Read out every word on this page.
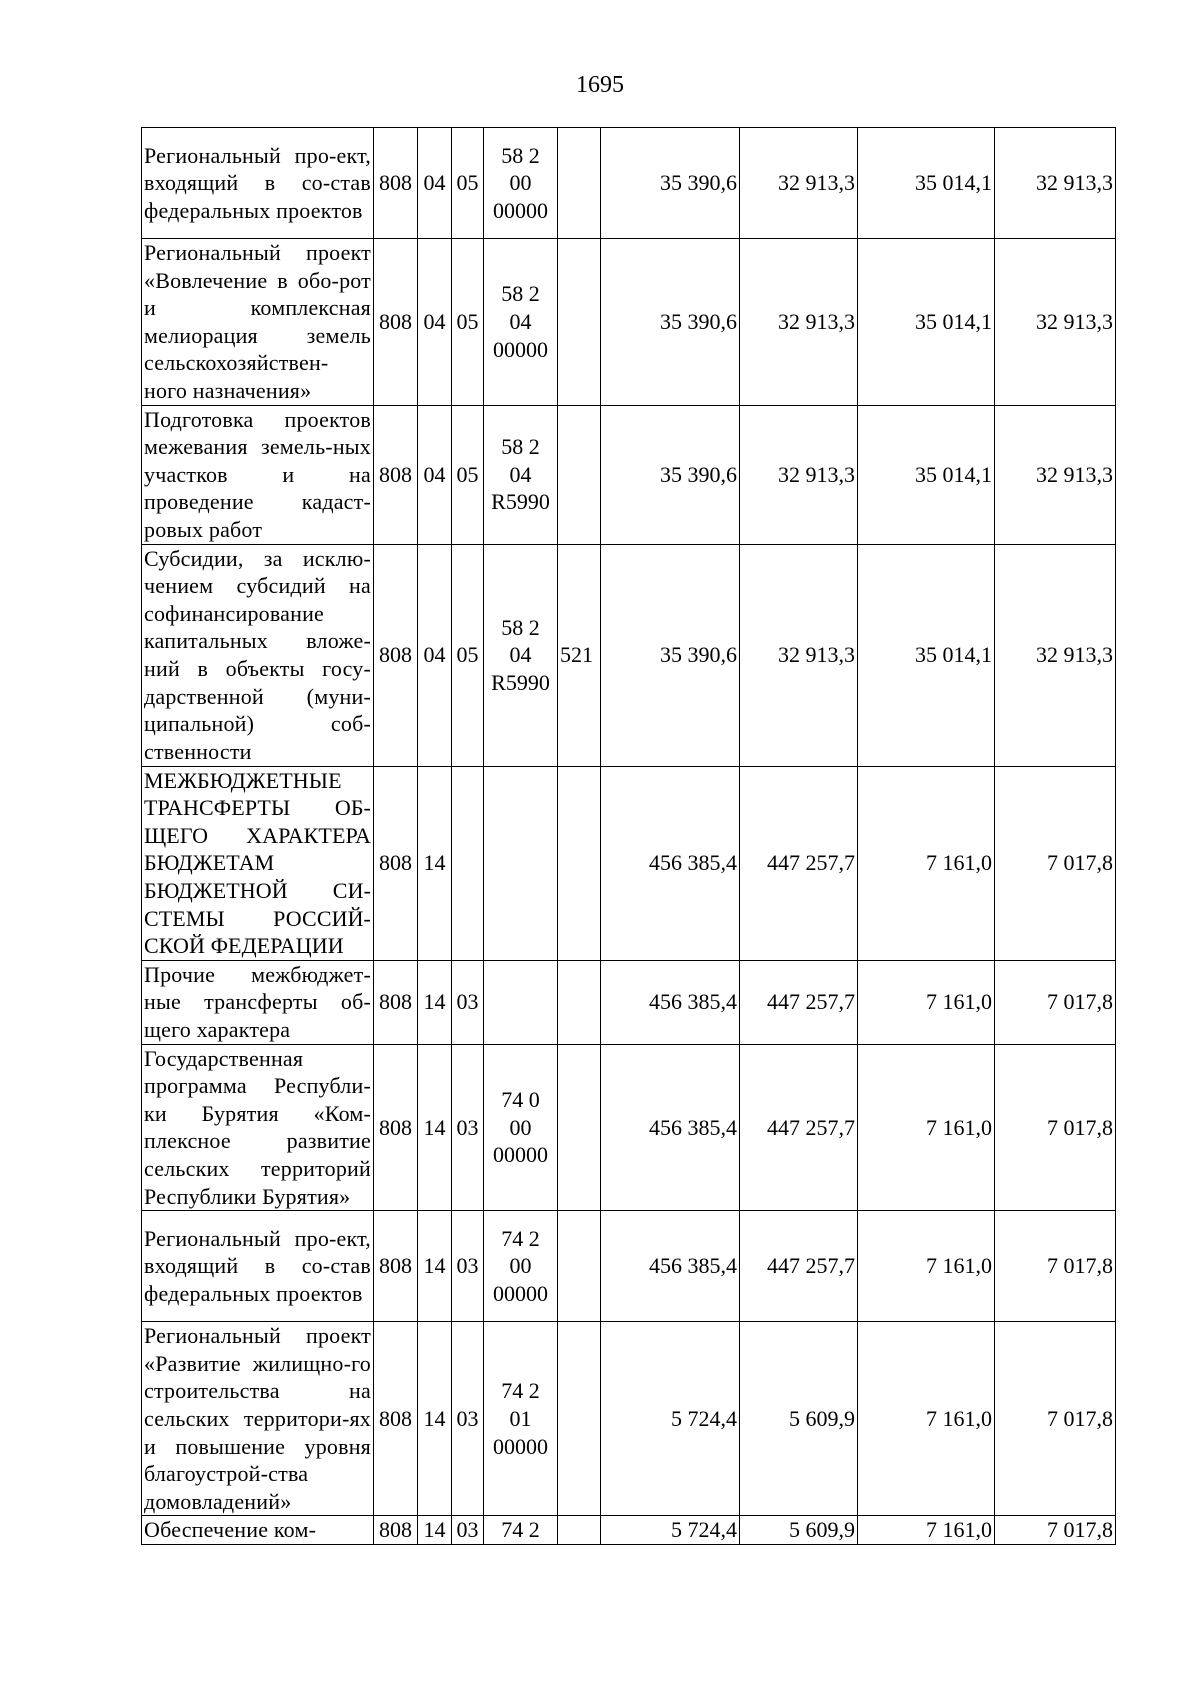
1695
Региональный про-ект, входящий в со-став федеральных проектов	808	04	05	58 2
00
00000		35 390,6	32 913,3	35 014,1	32 913,3
Региональный проект «Вовлечение в обо-рот и комплексная мелиорация земель сельскохозяйствен-ного назначения»	808	04	05	58 2
04
00000		35 390,6	32 913,3	35 014,1	32 913,3
Подготовка проектов межевания земель-ных участков и на проведение кадаст-ровых работ	808	04	05	58 2
04
R5990		35 390,6	32 913,3	35 014,1	32 913,3
Субсидии, за исклю-чением субсидий на софинансирование капитальных вложе-ний в объекты госу-дарственной (муни-ципальной) соб-ственности	808	04	05	58 2
04
R5990	521	35 390,6	32 913,3	35 014,1	32 913,3
МЕЖБЮДЖЕТНЫЕ ТРАНСФЕРТЫ ОБ-ЩЕГО ХАРАКТЕРА БЮДЖЕТАМ БЮДЖЕТНОЙ СИ-СТЕМЫ РОССИЙ-СКОЙ ФЕДЕРАЦИИ	808	14				456 385,4	447 257,7	7 161,0	7 017,8
Прочие межбюджет-ные трансферты об-щего характера	808	14	03			456 385,4	447 257,7	7 161,0	7 017,8
Государственная программа Республи-ки Бурятия «Ком-плексное развитие сельских территорий Республики Бурятия»	808	14	03	74 0
00
00000		456 385,4	447 257,7	7 161,0	7 017,8
Региональный про-ект, входящий в со-став федеральных проектов	808	14	03	74 2
00
00000		456 385,4	447 257,7	7 161,0	7 017,8
Региональный проект «Развитие жилищно-го строительства на сельских территори-ях и повышение уровня благоустрой-ства домовладений»	808	14	03	74 2
01
00000		5 724,4	5 609,9	7 161,0	7 017,8
Обеспечение ком-	808	14	03	74 2		5 724,4	5 609,9	7 161,0	7 017,8
